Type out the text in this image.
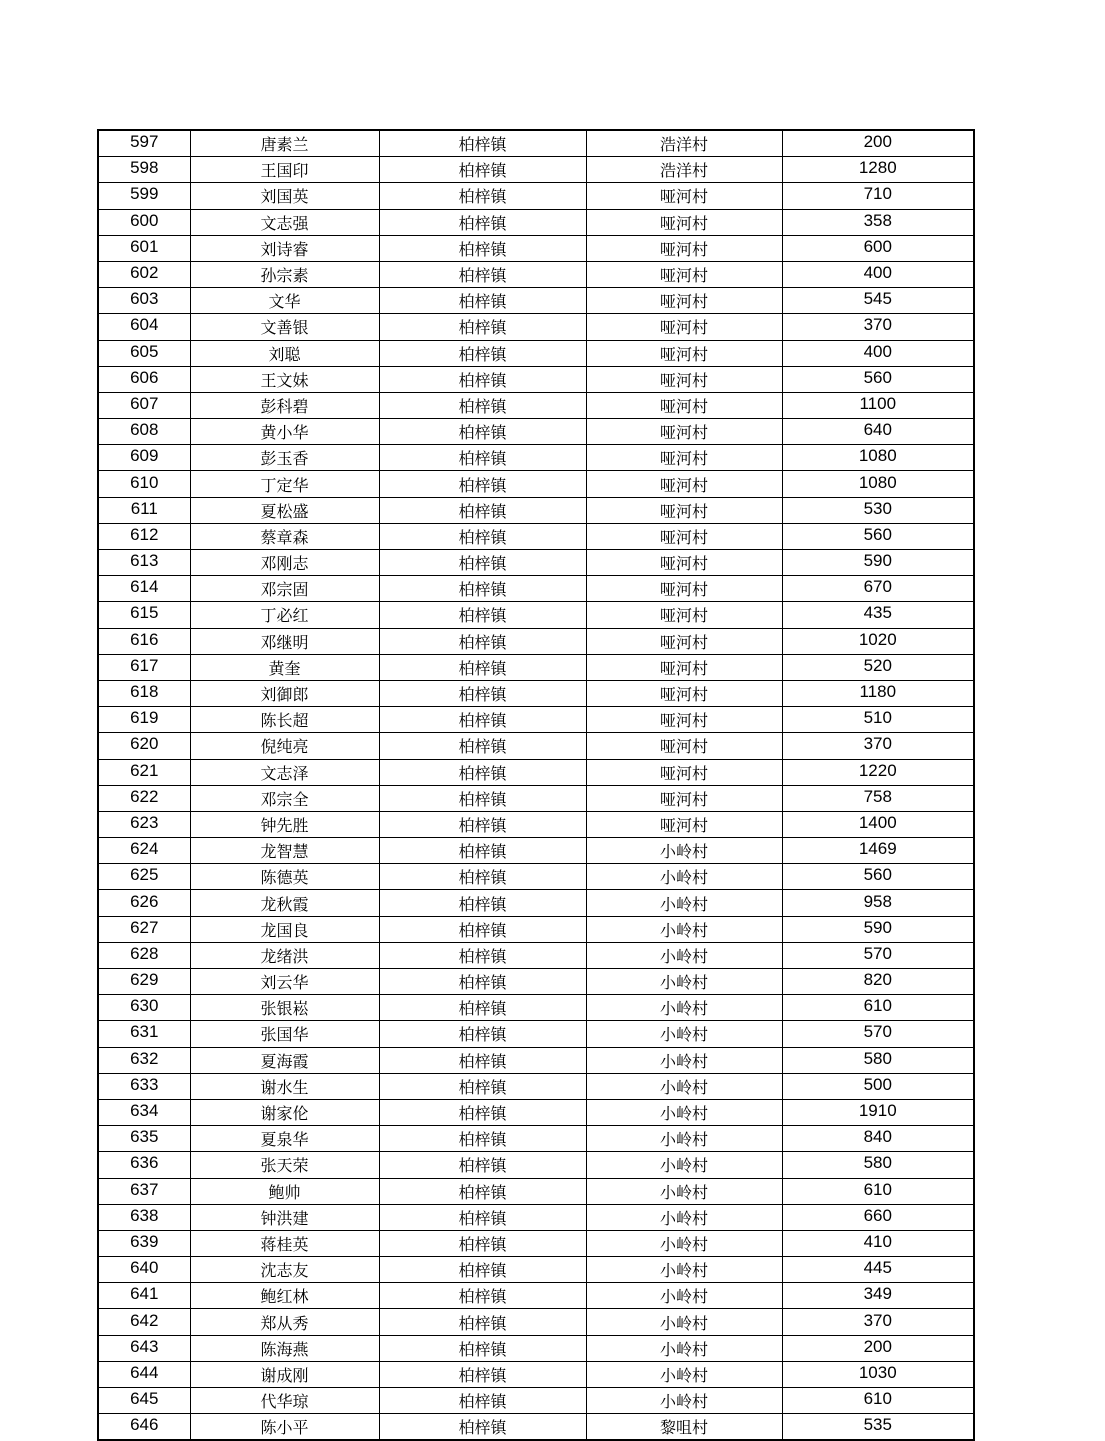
597	唐素兰	柏梓镇	浩洋村	200
598	王国印	柏梓镇	浩洋村	1280
599	刘国英	柏梓镇	哑河村	710
600	文志强	柏梓镇	哑河村	358
601	刘诗睿	柏梓镇	哑河村	600
602	孙宗素	柏梓镇	哑河村	400
603	文华	柏梓镇	哑河村	545
604	文善银	柏梓镇	哑河村	370
605	刘聪	柏梓镇	哑河村	400
606	王文妹	柏梓镇	哑河村	560
607	彭科碧	柏梓镇	哑河村	1100
608	黄小华	柏梓镇	哑河村	640
609	彭玉香	柏梓镇	哑河村	1080
610	丁定华	柏梓镇	哑河村	1080
611	夏松盛	柏梓镇	哑河村	530
612	蔡章森	柏梓镇	哑河村	560
613	邓刚志	柏梓镇	哑河村	590
614	邓宗固	柏梓镇	哑河村	670
615	丁必红	柏梓镇	哑河村	435
616	邓继明	柏梓镇	哑河村	1020
617	黄奎	柏梓镇	哑河村	520
618	刘御郎	柏梓镇	哑河村	1180
619	陈长超	柏梓镇	哑河村	510
620	倪纯亮	柏梓镇	哑河村	370
621	文志泽	柏梓镇	哑河村	1220
622	邓宗全	柏梓镇	哑河村	758
623	钟先胜	柏梓镇	哑河村	1400
624	龙智慧	柏梓镇	小岭村	1469
625	陈德英	柏梓镇	小岭村	560
626	龙秋霞	柏梓镇	小岭村	958
627	龙国良	柏梓镇	小岭村	590
628	龙绪洪	柏梓镇	小岭村	570
629	刘云华	柏梓镇	小岭村	820
630	张银崧	柏梓镇	小岭村	610
631	张国华	柏梓镇	小岭村	570
632	夏海霞	柏梓镇	小岭村	580
633	谢水生	柏梓镇	小岭村	500
634	谢家伦	柏梓镇	小岭村	1910
635	夏泉华	柏梓镇	小岭村	840
636	张天荣	柏梓镇	小岭村	580
637	鲍帅	柏梓镇	小岭村	610
638	钟洪建	柏梓镇	小岭村	660
639	蒋桂英	柏梓镇	小岭村	410
640	沈志友	柏梓镇	小岭村	445
641	鲍红林	柏梓镇	小岭村	349
642	郑从秀	柏梓镇	小岭村	370
643	陈海燕	柏梓镇	小岭村	200
644	谢成刚	柏梓镇	小岭村	1030
645	代华琼	柏梓镇	小岭村	610
646	陈小平	柏梓镇	黎咀村	535
